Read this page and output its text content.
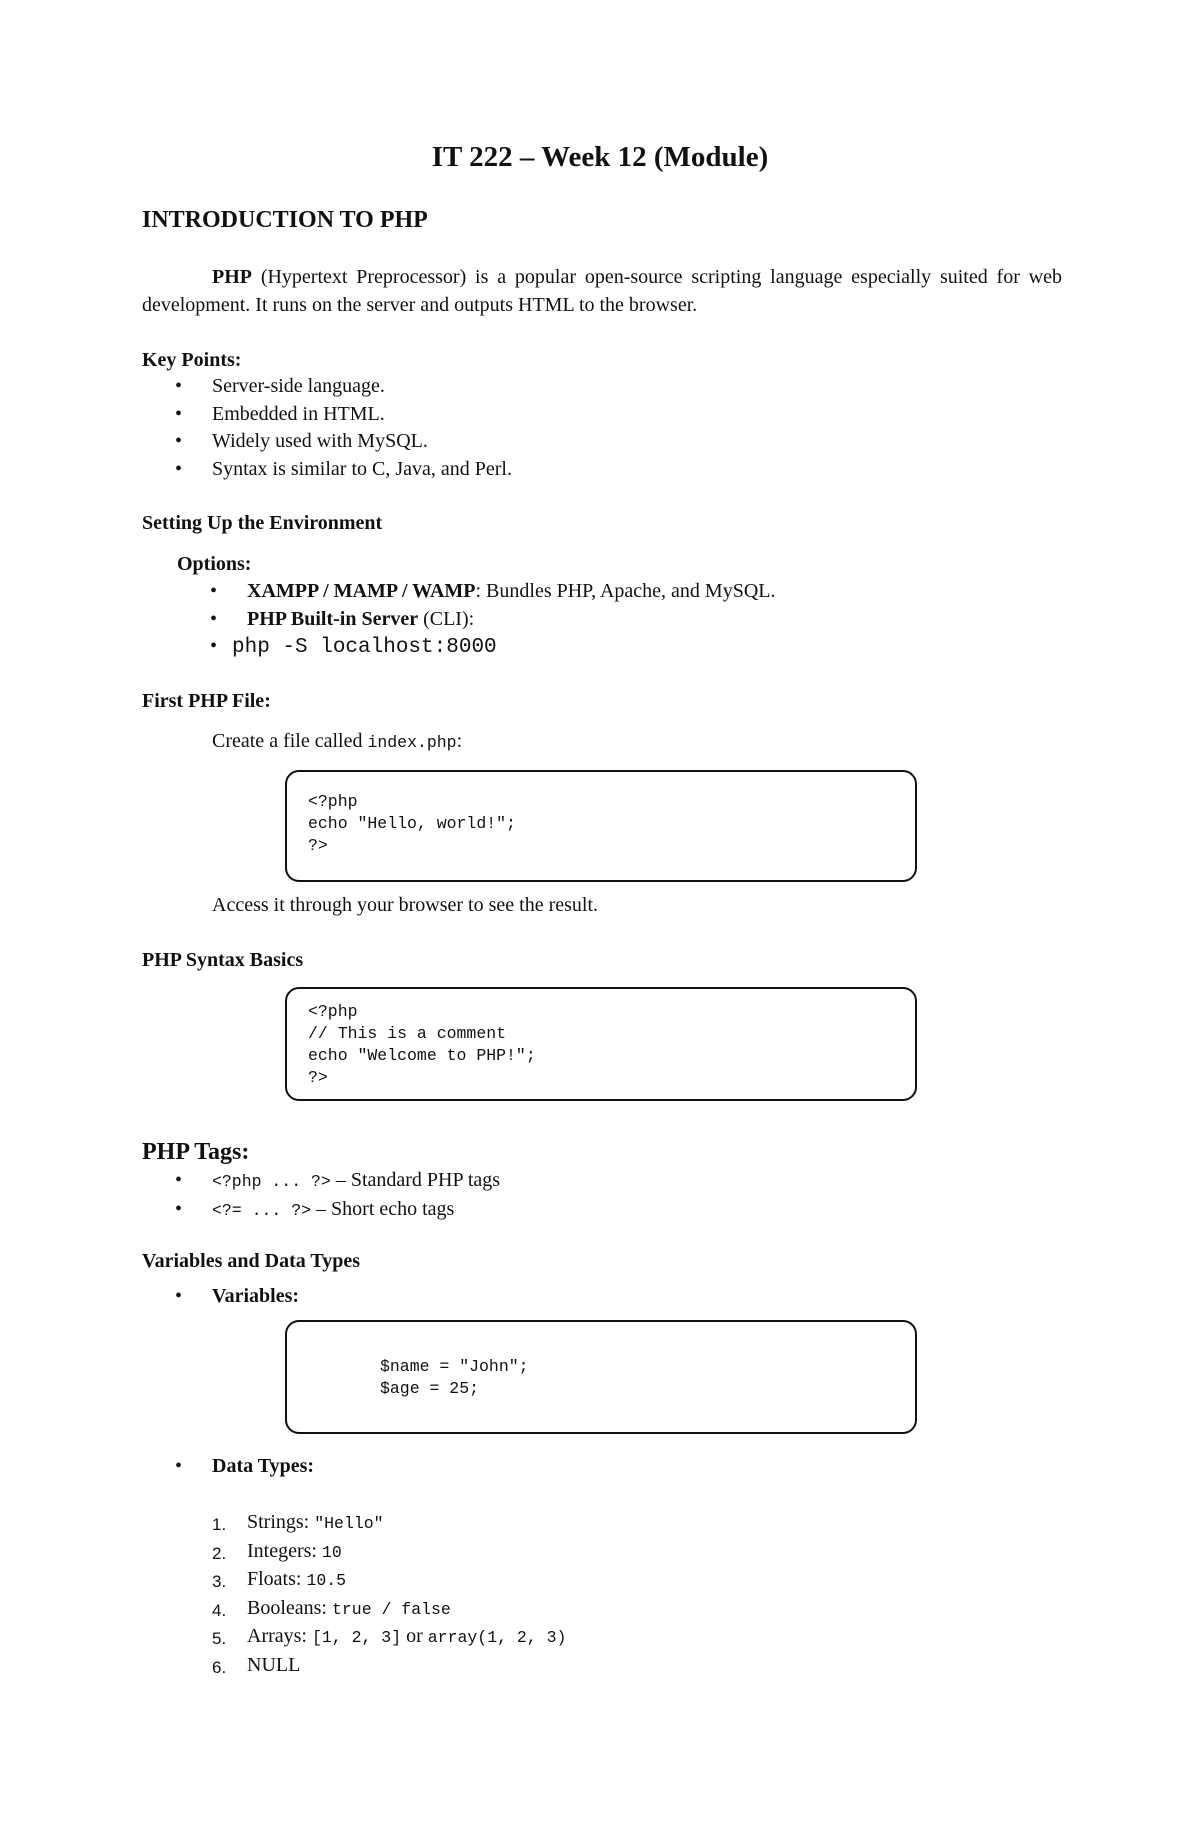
IT 222 – Week 12 (Module)
INTRODUCTION TO PHP
PHP (Hypertext Preprocessor) is a popular open-source scripting language especially suited for web development. It runs on the server and outputs HTML to the browser.
Key Points:
• Server-side language.
• Embedded in HTML.
• Widely used with MySQL.
• Syntax is similar to C, Java, and Perl.
Setting Up the Environment
Options:
• XAMPP / MAMP / WAMP: Bundles PHP, Apache, and MySQL.
• PHP Built-in Server (CLI):
• php -S localhost:8000
First PHP File:
Create a file called index.php:
<?php
echo "Hello, world!";
?>
Access it through your browser to see the result.
PHP Syntax Basics
<?php
// This is a comment
echo "Welcome to PHP!";
?>
PHP Tags:
• <?php ... ?> – Standard PHP tags
• <?= ... ?> – Short echo tags
Variables and Data Types
• Variables:
$name = "John";
$age = 25;
• Data Types:
1. Strings: "Hello"
2. Integers: 10
3. Floats: 10.5
4. Booleans: true / false
5. Arrays: [1, 2, 3] or array(1, 2, 3)
6. NULL
